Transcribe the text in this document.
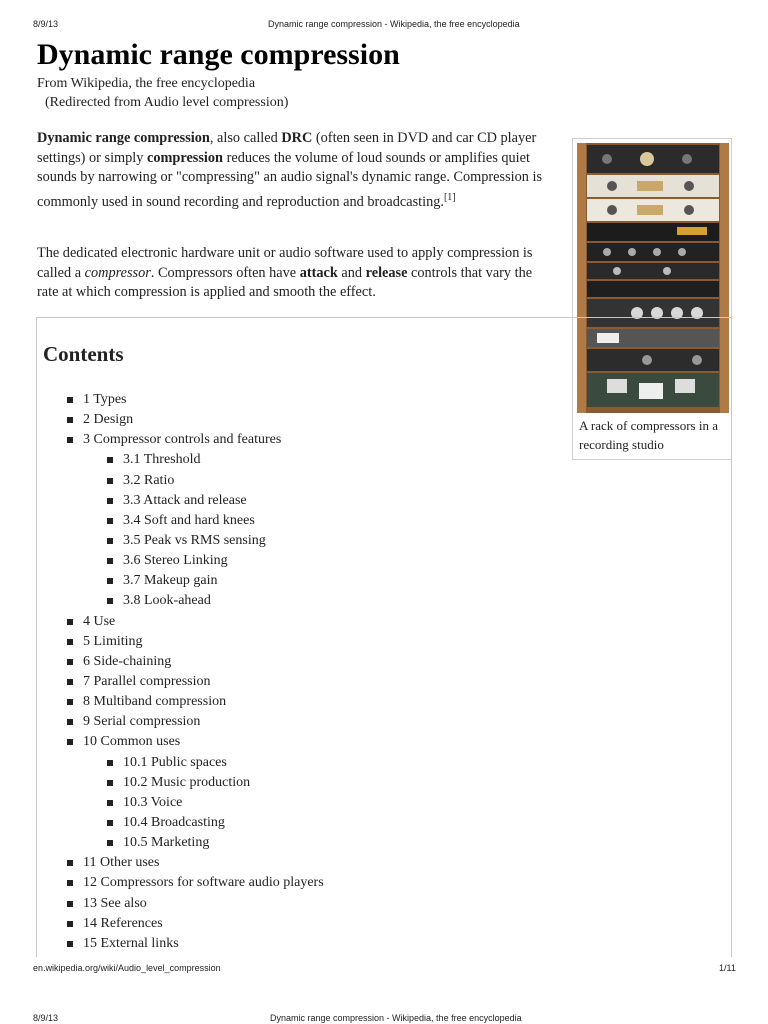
8/9/13	Dynamic range compression - Wikipedia, the free encyclopedia
Dynamic range compression
From Wikipedia, the free encyclopedia
(Redirected from Audio level compression)

Dynamic range compression, also called DRC (often seen in DVD and car CD player settings) or simply compression reduces the volume of loud sounds or amplifies quiet sounds by narrowing or "compressing" an audio signal's dynamic range. Compression is commonly used in sound recording and reproduction and broadcasting.[1]

The dedicated electronic hardware unit or audio software used to apply compression is called a compressor. Compressors often have attack and release controls that vary the rate at which compression is applied and smooth the effect.

A rack of compressors in a recording studio
Contents
1 Types
2 Design
3 Compressor controls and features
3.1 Threshold
3.2 Ratio
3.3 Attack and release
3.4 Soft and hard knees
3.5 Peak vs RMS sensing
3.6 Stereo Linking
3.7 Makeup gain
3.8 Look-ahead
4 Use
5 Limiting
6 Side-chaining
7 Parallel compression
8 Multiband compression
9 Serial compression
10 Common uses
10.1 Public spaces
10.2 Music production
10.3 Voice
10.4 Broadcasting
10.5 Marketing
11 Other uses
12 Compressors for software audio players
13 See also
14 References
15 External links
en.wikipedia.org/wiki/Audio_level_compression	1/11
8/9/13	Dynamic range compression - Wikipedia, the free encyclopedia
